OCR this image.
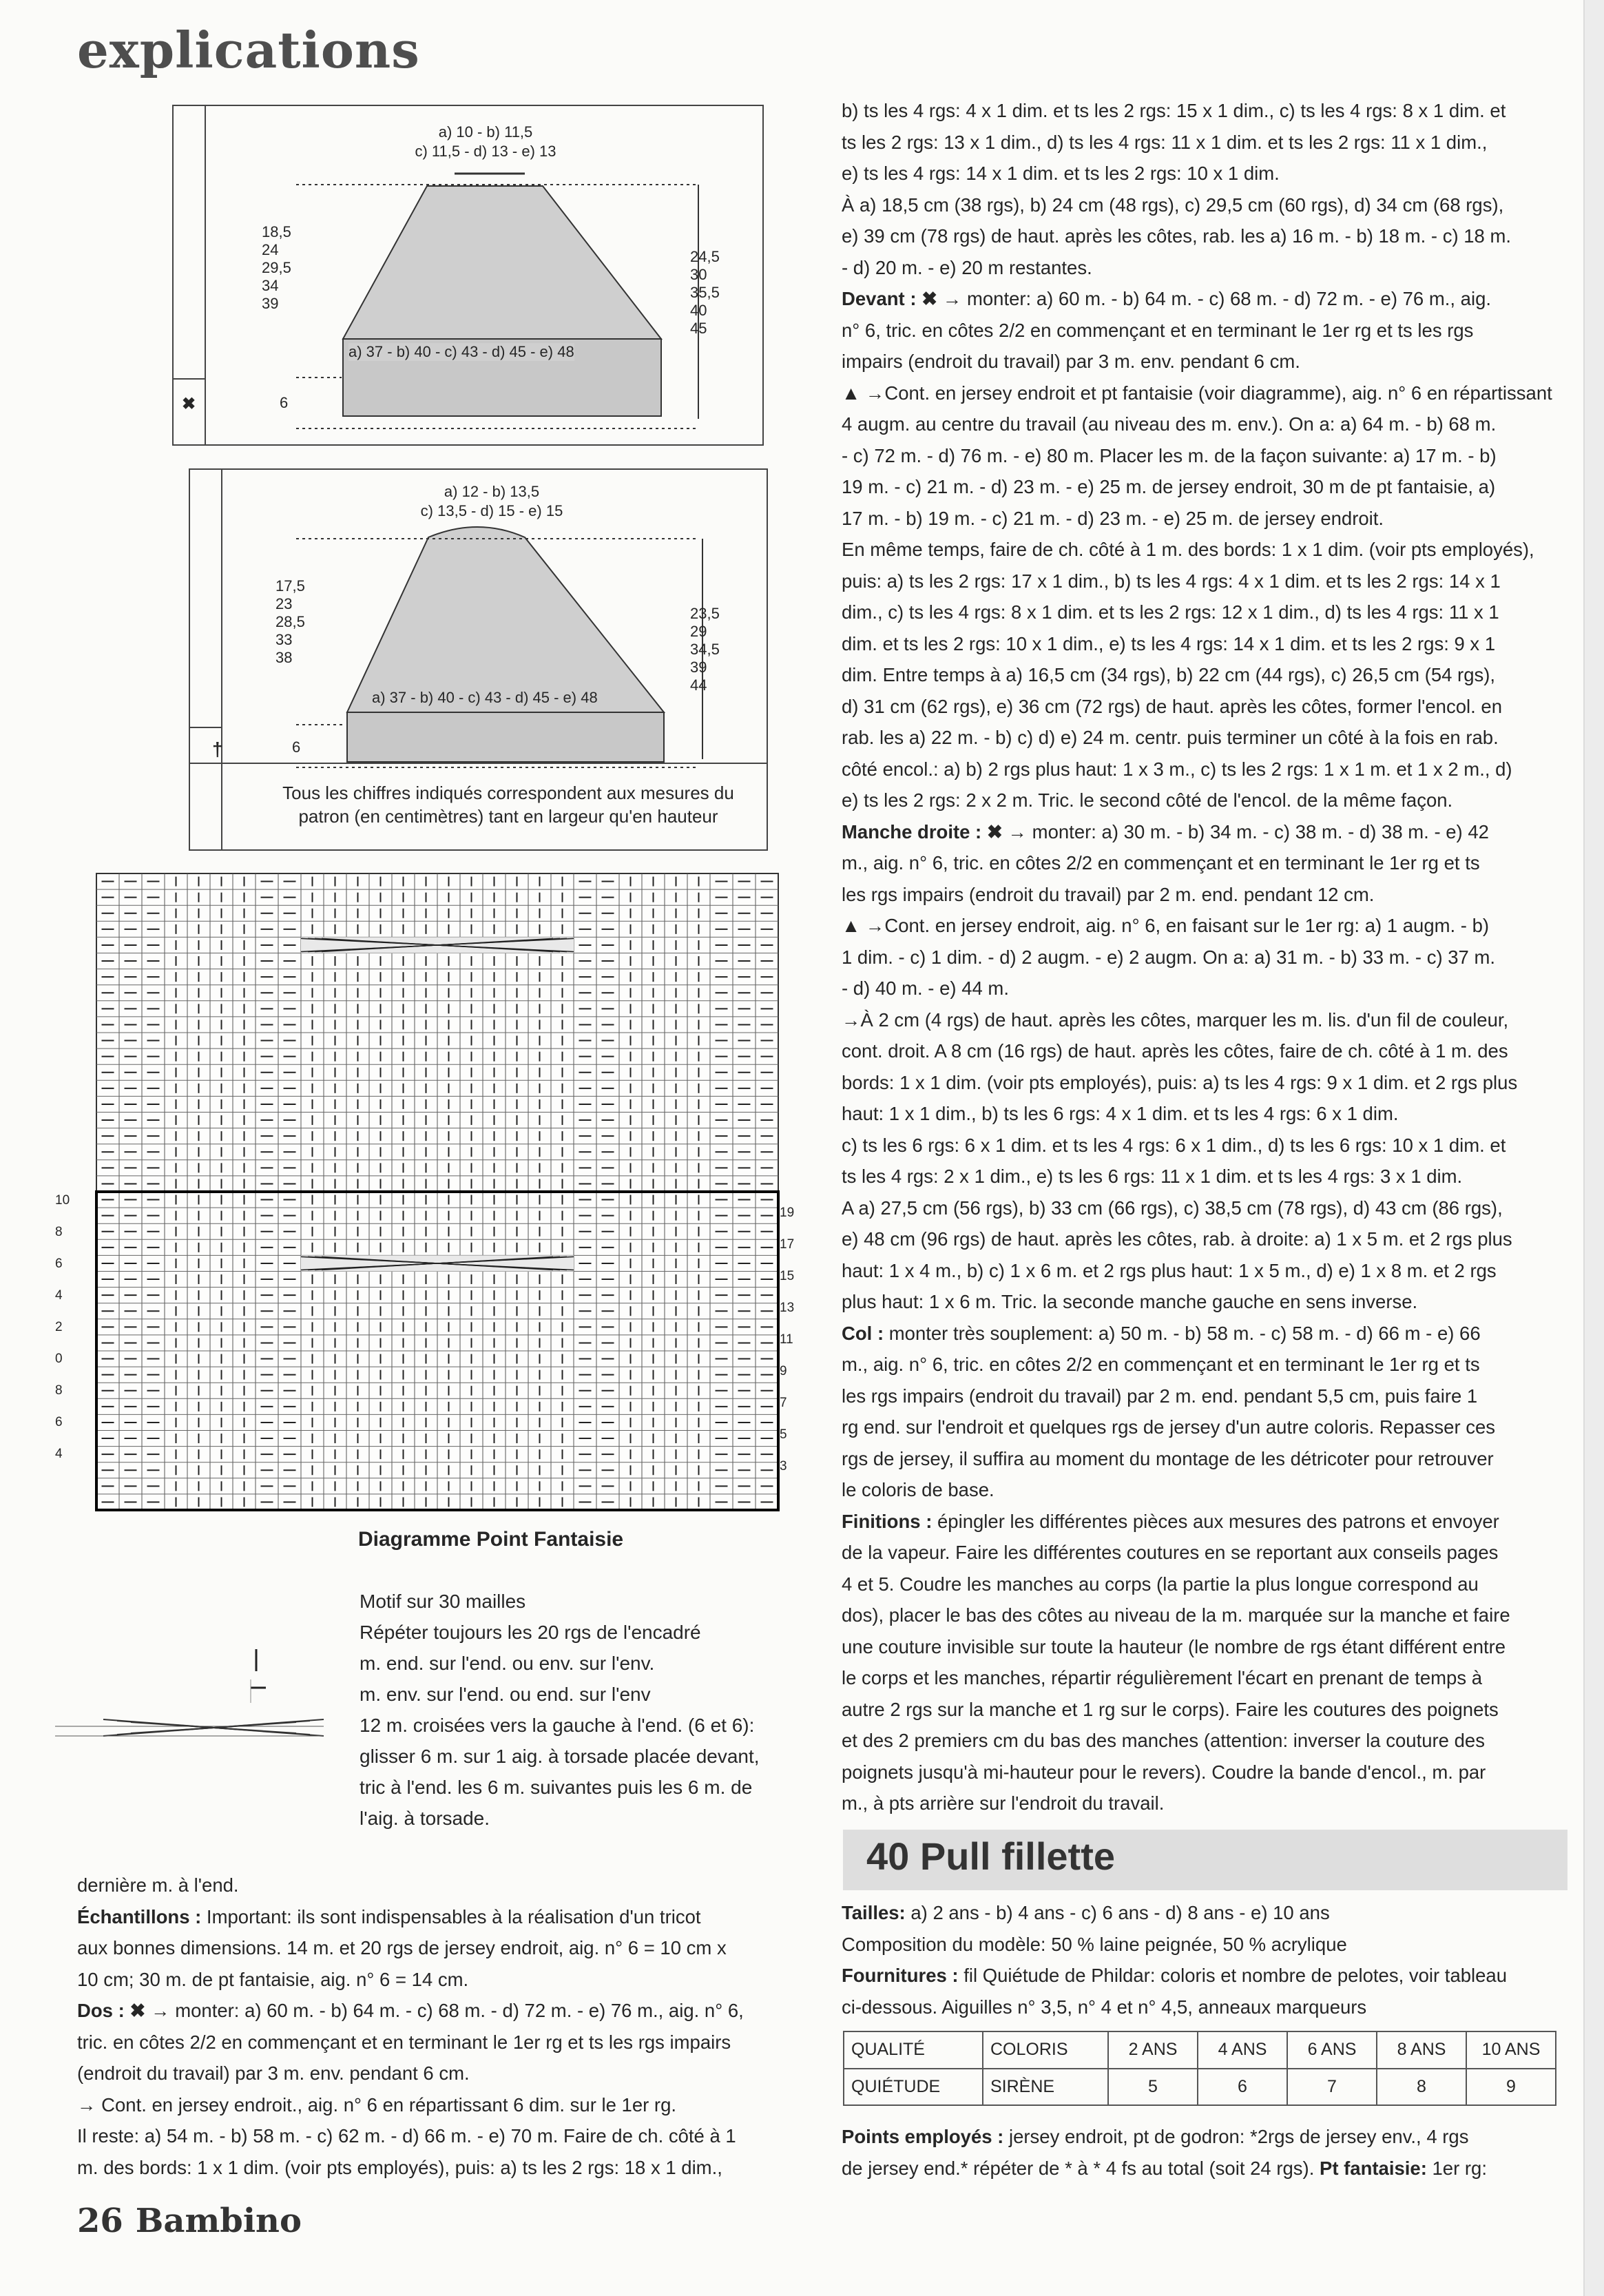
explications
a) 10 - b) 11,5
c) 11,5 - d) 13 - e) 13
18,5
24
29,5
34
39
24,5
30
35,5
40
45
a) 37 - b) 40 - c) 43 - d) 45 - e) 48
6
✖
a) 12 - b) 13,5
c) 13,5 - d) 15 - e) 15
17,5
23
28,5
33
38
23,5
29
34,5
39
44
a) 37 - b) 40 - c) 43 - d) 45 - e) 48
6
†
Tous les chiffres indiqués correspondent aux mesures du
patron (en centimètres) tant en largeur qu'en hauteur
10
8
6
4
2
0
8
6
4
19
17
15
13
11
9
7
5
3
Diagramme Point Fantaisie
Motif sur 30 mailles
Répéter toujours les 20 rgs de l'encadré
m. end. sur l'end. ou env. sur l'env.
m. env. sur l'end. ou end. sur l'env
12 m. croisées vers la gauche à l'end. (6 et 6):
glisser 6 m. sur 1 aig. à torsade placée devant,
tric à l'end. les 6 m. suivantes puis les 6 m. de
l'aig. à torsade.

dernière m. à l'end.

Échantillons : Important: ils sont indispensables à la réalisation d'un tricot

aux bonnes dimensions. 14 m. et 20 rgs de jersey endroit, aig. n° 6 = 10 cm x

10 cm; 30 m. de pt fantaisie, aig. n° 6 = 14 cm.

Dos : ✖ → monter: a) 60 m. - b) 64 m. - c) 68 m. - d) 72 m. - e) 76 m., aig. n° 6,

tric. en côtes 2/2 en commençant et en terminant le 1er rg et ts les rgs impairs

(endroit du travail) par 3 m. env. pendant 6 cm.

→ Cont. en jersey endroit., aig. n° 6 en répartissant 6 dim. sur le 1er rg.

Il reste: a) 54 m. - b) 58 m. - c) 62 m. - d) 66 m. - e) 70 m. Faire de ch. côté à 1

m. des bords: 1 x 1 dim. (voir pts employés), puis: a) ts les 2 rgs: 18 x 1 dim.,

b) ts les 4 rgs: 4 x 1 dim. et ts les 2 rgs: 15 x 1 dim., c) ts les 4 rgs: 8 x 1 dim. et

ts les 2 rgs: 13 x 1 dim., d) ts les 4 rgs: 11 x 1 dim. et ts les 2 rgs: 11 x 1 dim.,

e) ts les 4 rgs: 14 x 1 dim. et ts les 2 rgs: 10 x 1 dim.

À a) 18,5 cm (38 rgs), b) 24 cm (48 rgs), c) 29,5 cm (60 rgs), d) 34 cm (68 rgs),

e) 39 cm (78 rgs) de haut. après les côtes, rab. les a) 16 m. - b) 18 m. - c) 18 m.

- d) 20 m. - e) 20 m restantes.

Devant : ✖ → monter: a) 60 m. - b) 64 m. - c) 68 m. - d) 72 m. - e) 76 m., aig.

n° 6, tric. en côtes 2/2 en commençant et en terminant le 1er rg et ts les rgs

impairs (endroit du travail) par 3 m. env. pendant 6 cm.

▲ →Cont. en jersey endroit et pt fantaisie (voir diagramme), aig. n° 6 en répartissant

4 augm. au centre du travail (au niveau des m. env.). On a: a) 64 m. - b) 68 m.

- c) 72 m. - d) 76 m. - e) 80 m. Placer les m. de la façon suivante: a) 17 m. - b)

19 m. - c) 21 m. - d) 23 m. - e) 25 m. de jersey endroit, 30 m de pt fantaisie, a)

17 m. - b) 19 m. - c) 21 m. - d) 23 m. - e) 25 m. de jersey endroit.

En même temps, faire de ch. côté à 1 m. des bords: 1 x 1 dim. (voir pts employés),

puis: a) ts les 2 rgs: 17 x 1 dim., b) ts les 4 rgs: 4 x 1 dim. et ts les 2 rgs: 14 x 1

dim., c) ts les 4 rgs: 8 x 1 dim. et ts les 2 rgs: 12 x 1 dim., d) ts les 4 rgs: 11 x 1

dim. et ts les 2 rgs: 10 x 1 dim., e) ts les 4 rgs: 14 x 1 dim. et ts les 2 rgs: 9 x 1

dim. Entre temps à a) 16,5 cm (34 rgs), b) 22 cm (44 rgs), c) 26,5 cm (54 rgs),

d) 31 cm (62 rgs), e) 36 cm (72 rgs) de haut. après les côtes, former l'encol. en

rab. les a) 22 m. - b) c) d) e) 24 m. centr. puis terminer un côté à la fois en rab.

côté encol.: a) b) 2 rgs plus haut: 1 x 3 m., c) ts les 2 rgs: 1 x 1 m. et 1 x 2 m., d)

e) ts les 2 rgs: 2 x 2 m. Tric. le second côté de l'encol. de la même façon.

Manche droite : ✖ → monter: a) 30 m. - b) 34 m. - c) 38 m. - d) 38 m. - e) 42

m., aig. n° 6, tric. en côtes 2/2 en commençant et en terminant le 1er rg et ts

les rgs impairs (endroit du travail) par 2 m. end. pendant 12 cm.

▲ →Cont. en jersey endroit, aig. n° 6, en faisant sur le 1er rg: a) 1 augm. - b)

1 dim. - c) 1 dim. - d) 2 augm. - e) 2 augm. On a: a) 31 m. - b) 33 m. - c) 37 m.

- d) 40 m. - e) 44 m.

→À 2 cm (4 rgs) de haut. après les côtes, marquer les m. lis. d'un fil de couleur,

cont. droit. A 8 cm (16 rgs) de haut. après les côtes, faire de ch. côté à 1 m. des

bords: 1 x 1 dim. (voir pts employés), puis: a) ts les 4 rgs: 9 x 1 dim. et 2 rgs plus

haut: 1 x 1 dim., b) ts les 6 rgs: 4 x 1 dim. et ts les 4 rgs: 6 x 1 dim.

c) ts les 6 rgs: 6 x 1 dim. et ts les 4 rgs: 6 x 1 dim., d) ts les 6 rgs: 10 x 1 dim. et

ts les 4 rgs: 2 x 1 dim., e) ts les 6 rgs: 11 x 1 dim. et ts les 4 rgs: 3 x 1 dim.

A a) 27,5 cm (56 rgs), b) 33 cm (66 rgs), c) 38,5 cm (78 rgs), d) 43 cm (86 rgs),

e) 48 cm (96 rgs) de haut. après les côtes, rab. à droite: a) 1 x 5 m. et 2 rgs plus

haut: 1 x 4 m., b) c) 1 x 6 m. et 2 rgs plus haut: 1 x 5 m., d) e) 1 x 8 m. et 2 rgs

plus haut: 1 x 6 m. Tric. la seconde manche gauche en sens inverse.

Col : monter très souplement: a) 50 m. - b) 58 m. - c) 58 m. - d) 66 m - e) 66

m., aig. n° 6, tric. en côtes 2/2 en commençant et en terminant le 1er rg et ts

les rgs impairs (endroit du travail) par 2 m. end. pendant 5,5 cm, puis faire 1

rg end. sur l'endroit et quelques rgs de jersey d'un autre coloris. Repasser ces

rgs de jersey, il suffira au moment du montage de les détricoter pour retrouver

le coloris de base.

Finitions : épingler les différentes pièces aux mesures des patrons et envoyer

de la vapeur. Faire les différentes coutures en se reportant aux conseils pages

4 et 5. Coudre les manches au corps (la partie la plus longue correspond au

dos), placer le bas des côtes au niveau de la m. marquée sur la manche et faire

une couture invisible sur toute la hauteur (le nombre de rgs étant différent entre

le corps et les manches, répartir régulièrement l'écart en prenant de temps à

autre 2 rgs sur la manche et 1 rg sur le corps). Faire les coutures des poignets

et des 2 premiers cm du bas des manches (attention: inverser la couture des

poignets jusqu'à mi-hauteur pour le revers). Coudre la bande d'encol., m. par

m., à pts arrière sur l'endroit du travail.

40 Pull fillette

Tailles: a) 2 ans - b) 4 ans - c) 6 ans - d) 8 ans - e) 10 ans

Composition du modèle: 50 % laine peignée, 50 % acrylique

Fournitures : fil Quiétude de Phildar: coloris et nombre de pelotes, voir tableau

ci-dessous. Aiguilles n° 3,5, n° 4 et n° 4,5, anneaux marqueurs

QUALITÉ	COLORIS	2 ANS	4 ANS	6 ANS	8 ANS	10 ANS
QUIÉTUDE	SIRÈNE	5	6	7	8	9

Points employés : jersey endroit, pt de godron: *2rgs de jersey env., 4 rgs

de jersey end.* répéter de * à * 4 fs au total (soit 24 rgs). Pt fantaisie: 1er rg:

26 Bambino
